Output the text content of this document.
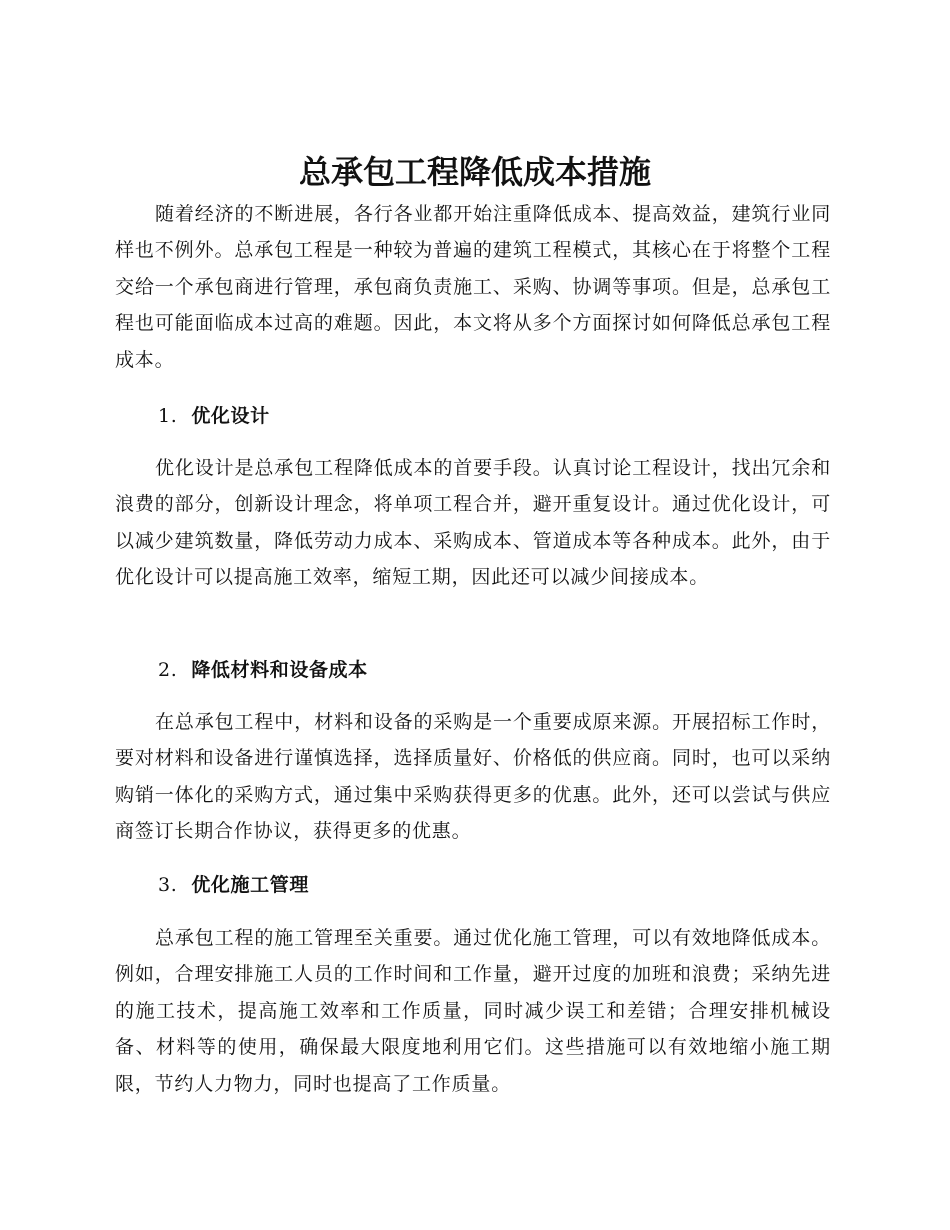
总承包工程降低成本措施

随着经济的不断进展，各行各业都开始注重降低成本、提高效益，建筑行业同样也不例外。总承包工程是一种较为普遍的建筑工程模式，其核心在于将整个工程交给一个承包商进行管理，承包商负责施工、采购、协调等事项。但是，总承包工程也可能面临成本过高的难题。因此，本文将从多个方面探讨如何降低总承包工程成本。

1. 优化设计

优化设计是总承包工程降低成本的首要手段。认真讨论工程设计，找出冗余和浪费的部分，创新设计理念，将单项工程合并，避开重复设计。通过优化设计，可以减少建筑数量，降低劳动力成本、采购成本、管道成本等各种成本。此外，由于优化设计可以提高施工效率，缩短工期，因此还可以减少间接成本。

2. 降低材料和设备成本

在总承包工程中，材料和设备的采购是一个重要成原来源。开展招标工作时，要对材料和设备进行谨慎选择，选择质量好、价格低的供应商。同时，也可以采纳购销一体化的采购方式，通过集中采购获得更多的优惠。此外，还可以尝试与供应商签订长期合作协议，获得更多的优惠。

3. 优化施工管理

总承包工程的施工管理至关重要。通过优化施工管理，可以有效地降低成本。例如，合理安排施工人员的工作时间和工作量，避开过度的加班和浪费；采纳先进的施工技术，提高施工效率和工作质量，同时减少误工和差错；合理安排机械设备、材料等的使用，确保最大限度地利用它们。这些措施可以有效地缩小施工期限，节约人力物力，同时也提高了工作质量。
